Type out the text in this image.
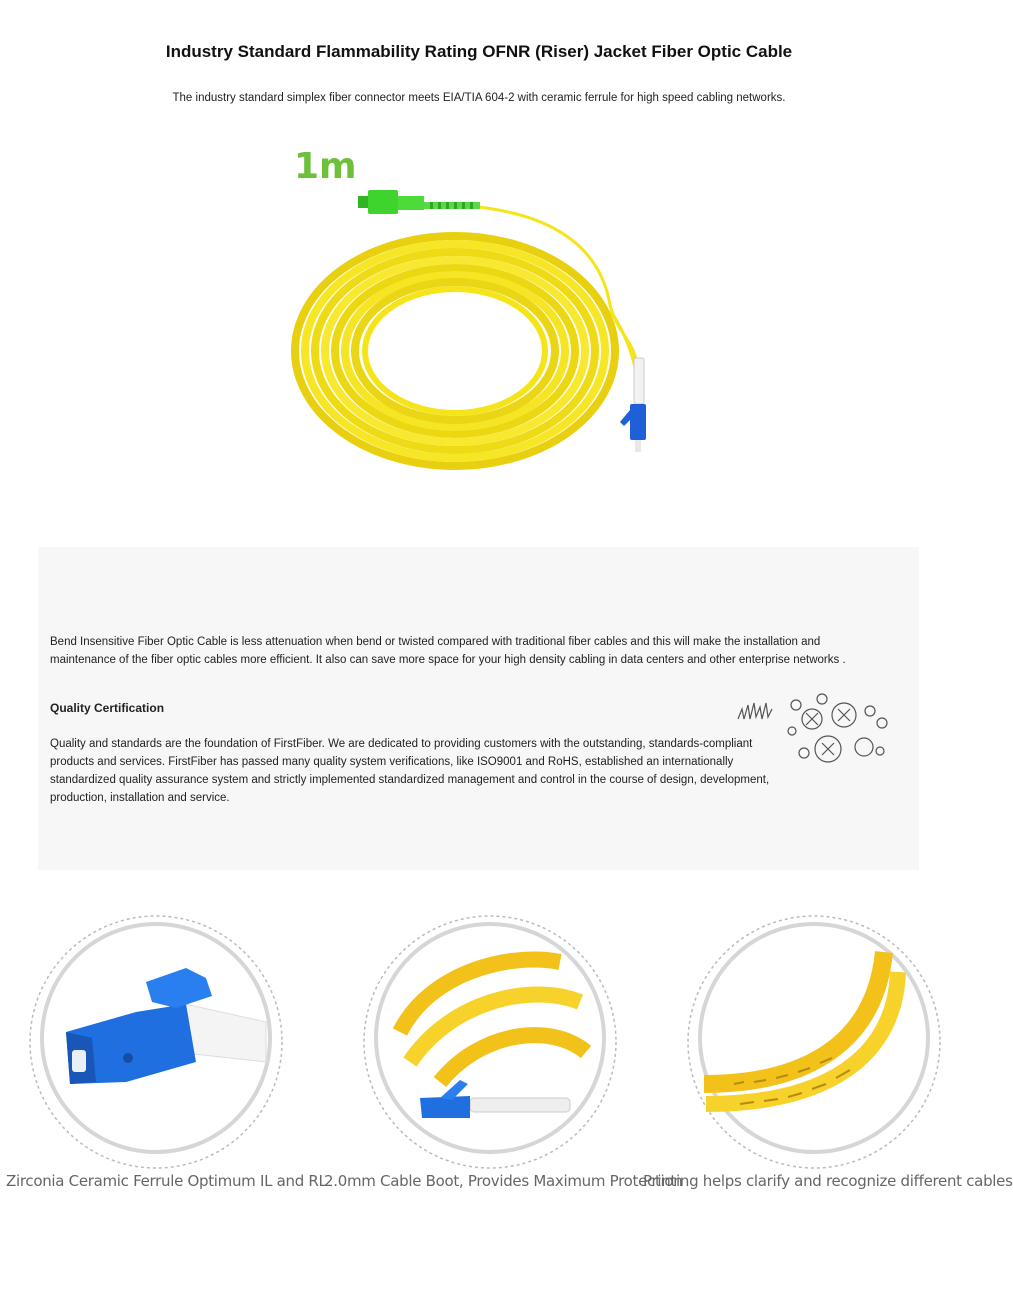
Industry Standard Flammability Rating OFNR (Riser) Jacket Fiber Optic Cable

The industry standard simplex fiber connector meets EIA/TIA 604-2 with ceramic ferrule for high speed cabling networks.

1m

Bend Insensitive Fiber Optic Cable is less attenuation when bend or twisted compared with traditional fiber cables and this will make the installation and maintenance of the fiber optic cables more efficient. It also can save more space for your high density cabling in data centers and other enterprise networks .

Quality Certification

Quality and standards are the foundation of FirstFiber. We are dedicated to providing customers with the outstanding, standards-compliant products and services. FirstFiber has passed many quality system verifications, like ISO9001 and RoHS, established an internationally standardized quality assurance system and strictly implemented standardized management and control in the course of design, development, production, installation and service.

Zirconia Ceramic Ferrule Optimum IL and RL
2.0mm Cable Boot, Provides Maximum Protection
Printing helps clarify and recognize different cables
